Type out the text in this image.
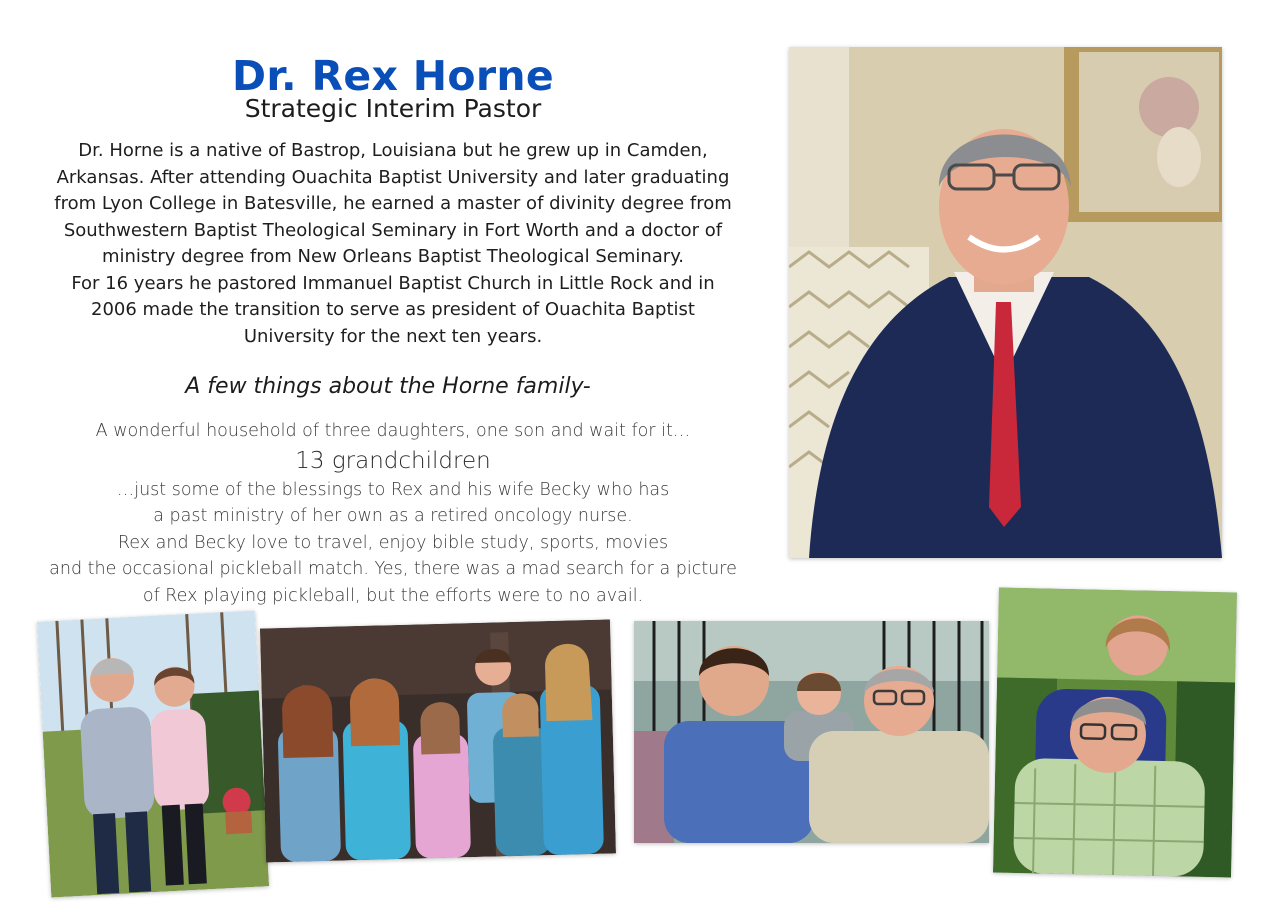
Dr. Rex Horne
Strategic Interim Pastor
Dr. Horne is a native of Bastrop, Louisiana but he grew up in Camden,
Arkansas. After attending Ouachita Baptist University and later graduating
from Lyon College in Batesville, he earned a master of divinity degree from
Southwestern Baptist Theological Seminary in Fort Worth and a doctor of
ministry degree from New Orleans Baptist Theological Seminary.
For 16 years he pastored Immanuel Baptist Church in Little Rock and in
2006 made the transition to serve as president of Ouachita Baptist
University for the next ten years.
A few things about the Horne family-
A wonderful household of three daughters, one son and wait for it…
13 grandchildren
…just some of the blessings to Rex and his wife Becky who has
a past ministry of her own as a retired oncology nurse.
Rex and Becky love to travel, enjoy bible study, sports, movies
and the occasional pickleball match. Yes, there was a mad search for a picture
of Rex playing pickleball, but the efforts were to no avail.
